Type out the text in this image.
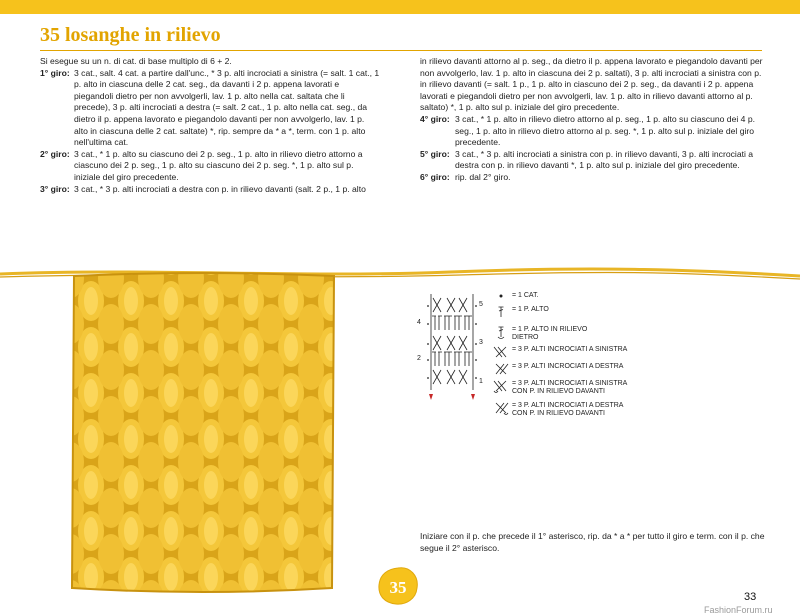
35 losanghe in rilievo
Si esegue su un n. di cat. di base multiplo di 6 + 2.
1° giro: 3 cat., salt. 4 cat. a partire dall'unc., * 3 p. alti incrociati a sinistra (= salt. 1 cat., 1 p. alto in ciascuna delle 2 cat. seg., da davanti i 2 p. appena lavorati e piegandoli dietro per non avvolgerli, lav. 1 p. alto nella cat. saltata che li precede), 3 p. alti incrociati a destra (= salt. 2 cat., 1 p. alto nella cat. seg., da dietro il p. appena lavorato e piegandolo davanti per non avvolgerlo, lav. 1 p. alto in ciascuna delle 2 cat. saltate) *, rip. sempre da * a *, term. con 1 p. alto nell'ultima cat.
2° giro: 3 cat., * 1 p. alto su ciascuno dei 2 p. seg., 1 p. alto in rilievo dietro attorno a ciascuno dei 2 p. seg., 1 p. alto su ciascuno dei 2 p. seg. *, 1 p. alto sul p. iniziale del giro precedente.
3° giro: 3 cat., * 3 p. alti incrociati a destra con p. in rilievo davanti (salt. 2 p., 1 p. alto
in rilievo davanti attorno al p. seg., da dietro il p. appena lavorato e piegandolo davanti per non avvolgerlo, lav. 1 p. alto in ciascuna dei 2 p. saltati), 3 p. alti incrociati a sinistra con p. in rilievo davanti (= salt. 1 p., 1 p. alto in ciascuno dei 2 p. seg., da davanti i 2 p. appena lavorati e piegandoli dietro per non avvolgerli, lav. 1 p. alto in rilievo davanti attorno al p. saltato) *, 1 p. alto sul p. iniziale del giro precedente.
4° giro: 3 cat., * 1 p. alto in rilievo dietro attorno al p. seg., 1 p. alto su ciascuno dei 4 p. seg., 1 p. alto in rilievo dietro attorno al p. seg. *, 1 p. alto sul p. iniziale del giro precedente.
5° giro: 3 cat., * 3 p. alti incrociati a sinistra con p. in rilievo davanti, 3 p. alti incrociati a destra con p. in rilievo davanti *, 1 p. alto sul p. iniziale del giro precedente.
6° giro: rip. dal 2° giro.
4
2
5
3
1
= 1 CAT.
= 1 P. ALTO
= 1 P. ALTO IN RILIEVO
DIETRO
= 3 P. ALTI INCROCIATI A SINISTRA
= 3 P. ALTI INCROCIATI A DESTRA
= 3 P. ALTI INCROCIATI A SINISTRA
CON P. IN RILIEVO DAVANTI
= 3 P. ALTI INCROCIATI A DESTRA
CON P. IN RILIEVO DAVANTI
Iniziare con il p. che precede il 1° asterisco, rip. da * a * per tutto il giro e term. con il p. che segue il 2° asterisco.
35	33
FashionForum.ru
